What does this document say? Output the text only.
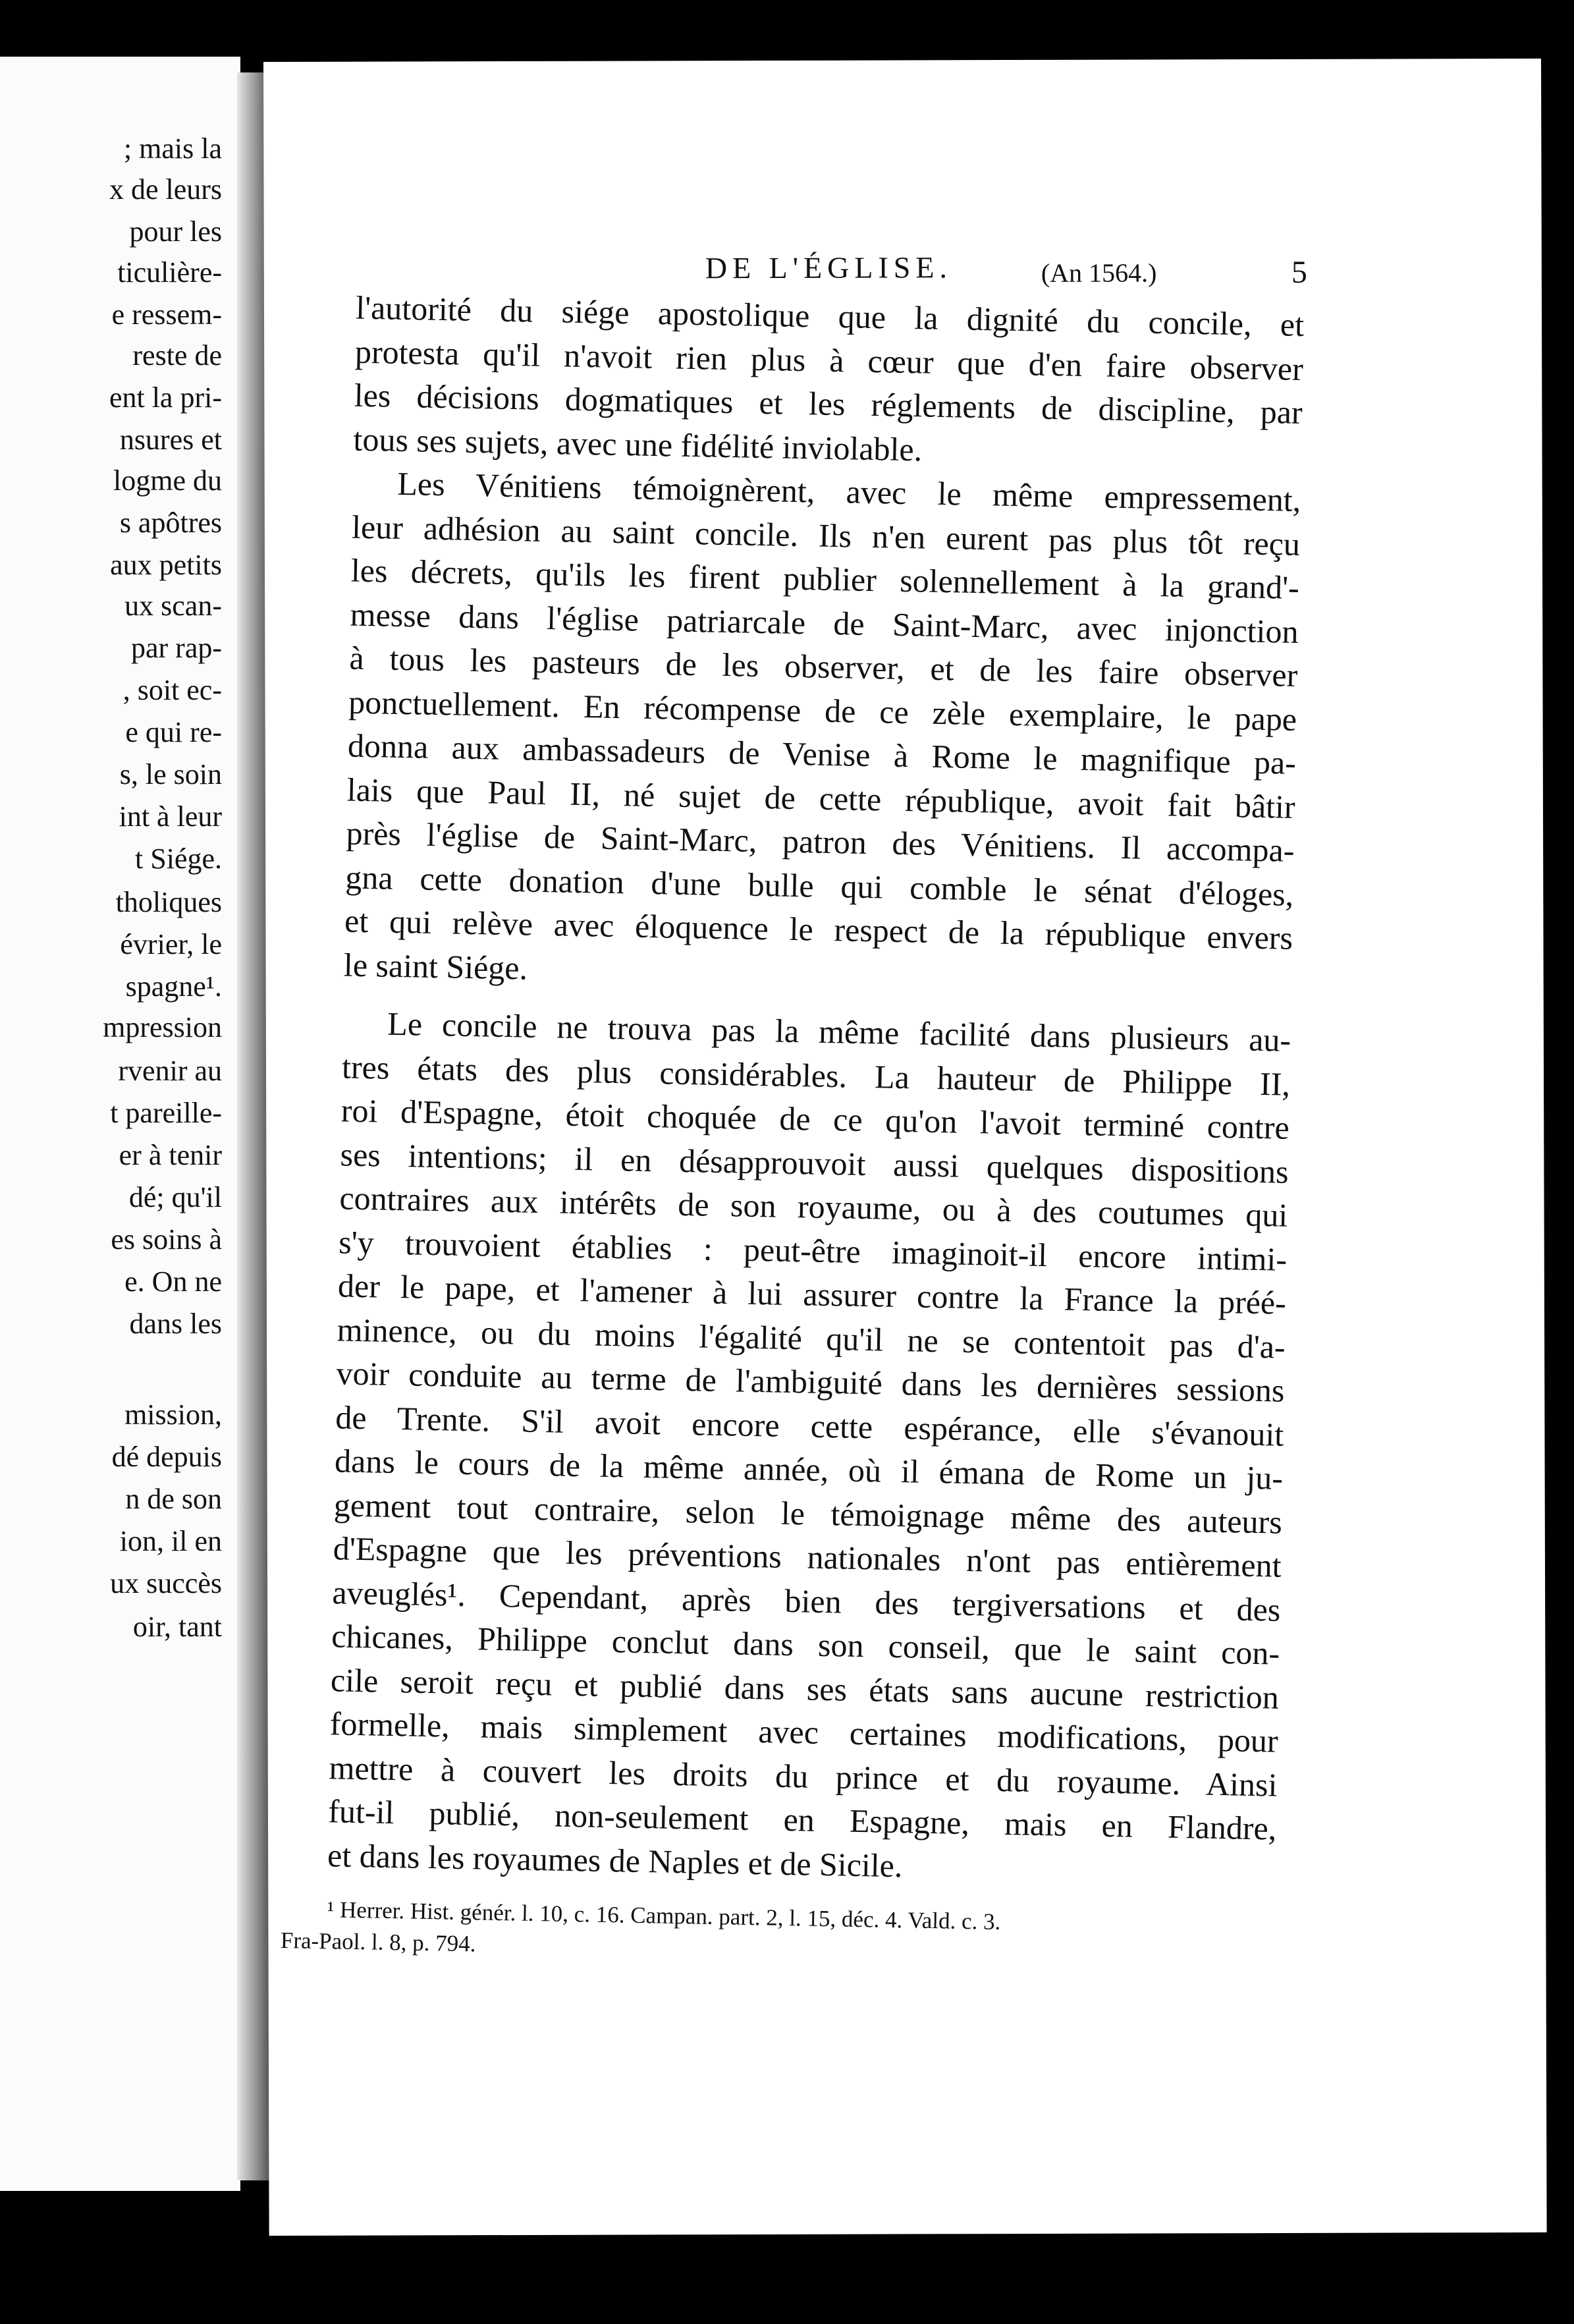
; mais la
x de leurs
pour les
ticulière-
e ressem-
reste de
ent la pri-
nsures et
logme du
s apôtres
aux petits
ux scan-
par rap-
, soit ec-
e qui re-
s, le soin
int à leur
t Siége.
tholiques
évrier, le
spagne¹.
mpression
rvenir au
t pareille-
er à tenir
dé; qu'il
es soins à
e. On ne
dans les
mission,
dé depuis
n de son
ion, il en
ux succès
oir, tant
DE L'ÉGLISE.	(An 1564.)	5
l'autorité du siége apostolique que la dignité du concile, et
protesta qu'il n'avoit rien plus à cœur que d'en faire observer
les décisions dogmatiques et les réglements de discipline, par
tous ses sujets, avec une fidélité inviolable.
Les Vénitiens témoignèrent, avec le même empressement,
leur adhésion au saint concile. Ils n'en eurent pas plus tôt reçu
les décrets, qu'ils les firent publier solennellement à la grand'-
messe dans l'église patriarcale de Saint-Marc, avec injonction
à tous les pasteurs de les observer, et de les faire observer
ponctuellement. En récompense de ce zèle exemplaire, le pape
donna aux ambassadeurs de Venise à Rome le magnifique pa-
lais que Paul II, né sujet de cette république, avoit fait bâtir
près l'église de Saint-Marc, patron des Vénitiens. Il accompa-
gna cette donation d'une bulle qui comble le sénat d'éloges,
et qui relève avec éloquence le respect de la république envers
le saint Siége.
Le concile ne trouva pas la même facilité dans plusieurs au-
tres états des plus considérables. La hauteur de Philippe II,
roi d'Espagne, étoit choquée de ce qu'on l'avoit terminé contre
ses intentions; il en désapprouvoit aussi quelques dispositions
contraires aux intérêts de son royaume, ou à des coutumes qui
s'y trouvoient établies : peut-être imaginoit-il encore intimi-
der le pape, et l'amener à lui assurer contre la France la préé-
minence, ou du moins l'égalité qu'il ne se contentoit pas d'a-
voir conduite au terme de l'ambiguité dans les dernières sessions
de Trente. S'il avoit encore cette espérance, elle s'évanouit
dans le cours de la même année, où il émana de Rome un ju-
gement tout contraire, selon le témoignage même des auteurs
d'Espagne que les préventions nationales n'ont pas entièrement
aveuglés¹. Cependant, après bien des tergiversations et des
chicanes, Philippe conclut dans son conseil, que le saint con-
cile seroit reçu et publié dans ses états sans aucune restriction
formelle, mais simplement avec certaines modifications, pour
mettre à couvert les droits du prince et du royaume. Ainsi
fut-il publié, non-seulement en Espagne, mais en Flandre,
et dans les royaumes de Naples et de Sicile.
¹ Herrer. Hist. génér. l. 10, c. 16. Campan. part. 2, l. 15, déc. 4. Vald. c. 3.
Fra-Paol. l. 8, p. 794.
